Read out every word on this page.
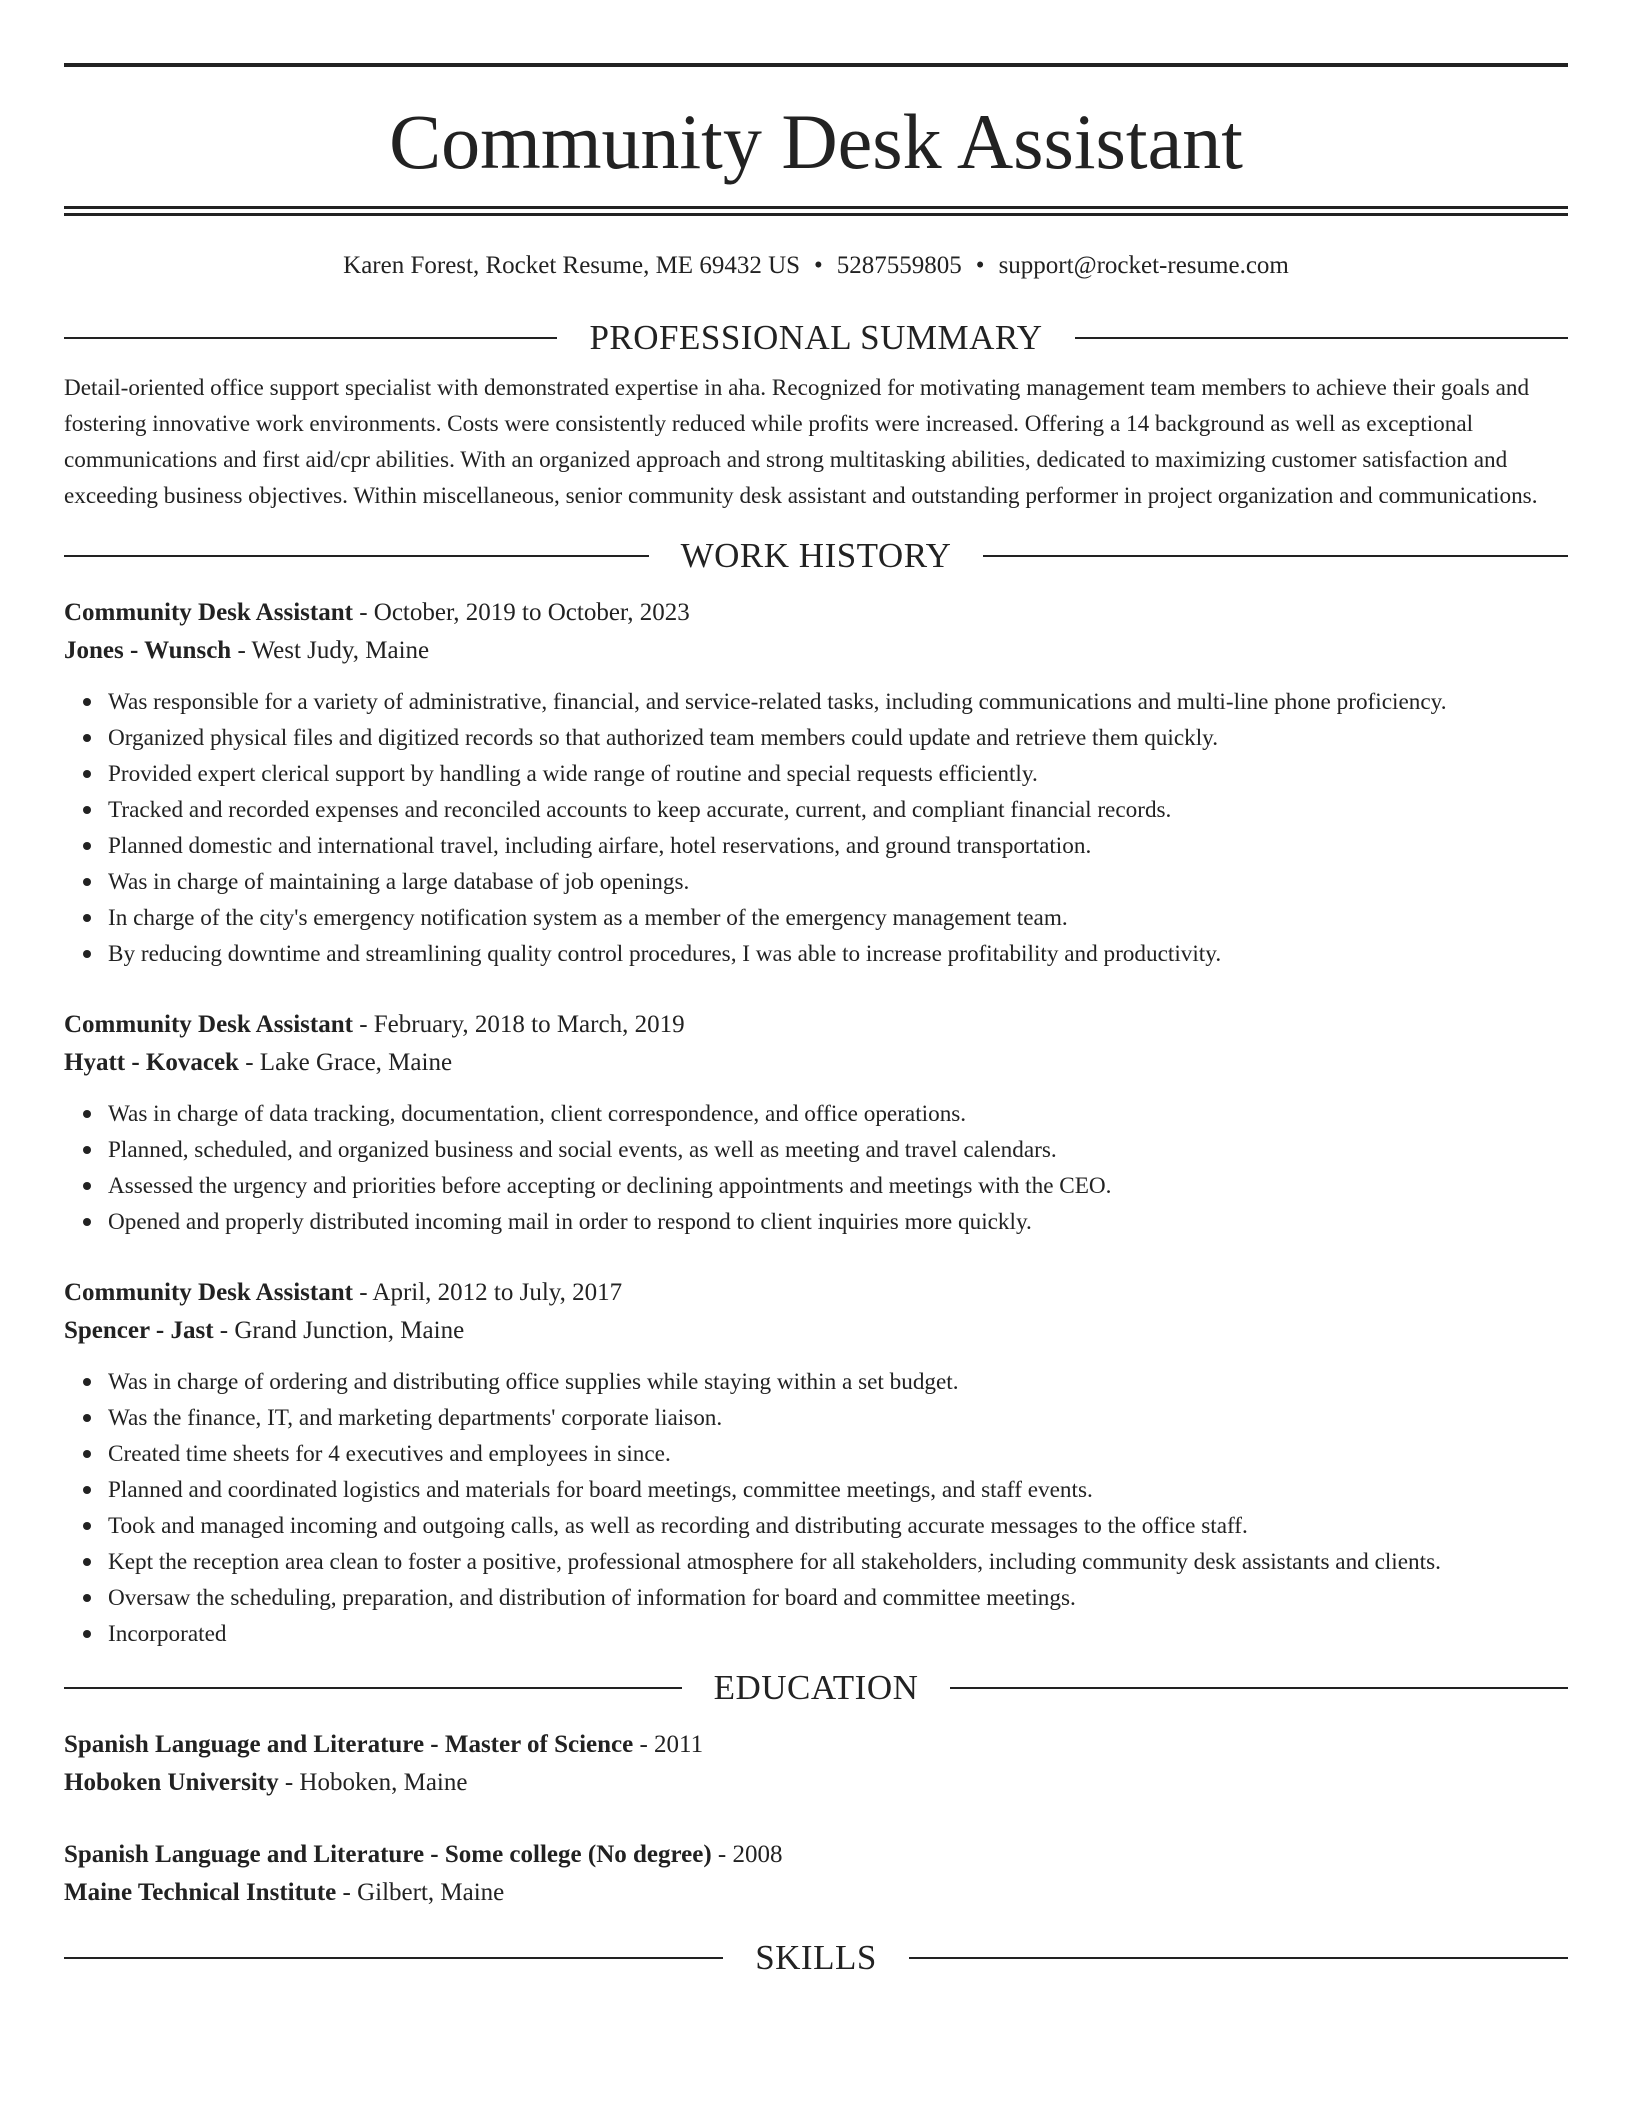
Community Desk Assistant
Karen Forest, Rocket Resume, ME 69432 US • 5287559805 • support@rocket-resume.com
PROFESSIONAL SUMMARY
Detail-oriented office support specialist with demonstrated expertise in aha. Recognized for motivating management team members to achieve their goals and fostering innovative work environments. Costs were consistently reduced while profits were increased. Offering a 14 background as well as exceptional communications and first aid/cpr abilities. With an organized approach and strong multitasking abilities, dedicated to maximizing customer satisfaction and exceeding business objectives. Within miscellaneous, senior community desk assistant and outstanding performer in project organization and communications.
WORK HISTORY
Community Desk Assistant - October, 2019 to October, 2023
Jones - Wunsch - West Judy, Maine
Was responsible for a variety of administrative, financial, and service-related tasks, including communications and multi-line phone proficiency.
Organized physical files and digitized records so that authorized team members could update and retrieve them quickly.
Provided expert clerical support by handling a wide range of routine and special requests efficiently.
Tracked and recorded expenses and reconciled accounts to keep accurate, current, and compliant financial records.
Planned domestic and international travel, including airfare, hotel reservations, and ground transportation.
Was in charge of maintaining a large database of job openings.
In charge of the city's emergency notification system as a member of the emergency management team.
By reducing downtime and streamlining quality control procedures, I was able to increase profitability and productivity.
Community Desk Assistant - February, 2018 to March, 2019
Hyatt - Kovacek - Lake Grace, Maine
Was in charge of data tracking, documentation, client correspondence, and office operations.
Planned, scheduled, and organized business and social events, as well as meeting and travel calendars.
Assessed the urgency and priorities before accepting or declining appointments and meetings with the CEO.
Opened and properly distributed incoming mail in order to respond to client inquiries more quickly.
Community Desk Assistant - April, 2012 to July, 2017
Spencer - Jast - Grand Junction, Maine
Was in charge of ordering and distributing office supplies while staying within a set budget.
Was the finance, IT, and marketing departments' corporate liaison.
Created time sheets for 4 executives and employees in since.
Planned and coordinated logistics and materials for board meetings, committee meetings, and staff events.
Took and managed incoming and outgoing calls, as well as recording and distributing accurate messages to the office staff.
Kept the reception area clean to foster a positive, professional atmosphere for all stakeholders, including community desk assistants and clients.
Oversaw the scheduling, preparation, and distribution of information for board and committee meetings.
Incorporated
EDUCATION
Spanish Language and Literature - Master of Science - 2011
Hoboken University - Hoboken, Maine
Spanish Language and Literature - Some college (No degree) - 2008
Maine Technical Institute - Gilbert, Maine
SKILLS
